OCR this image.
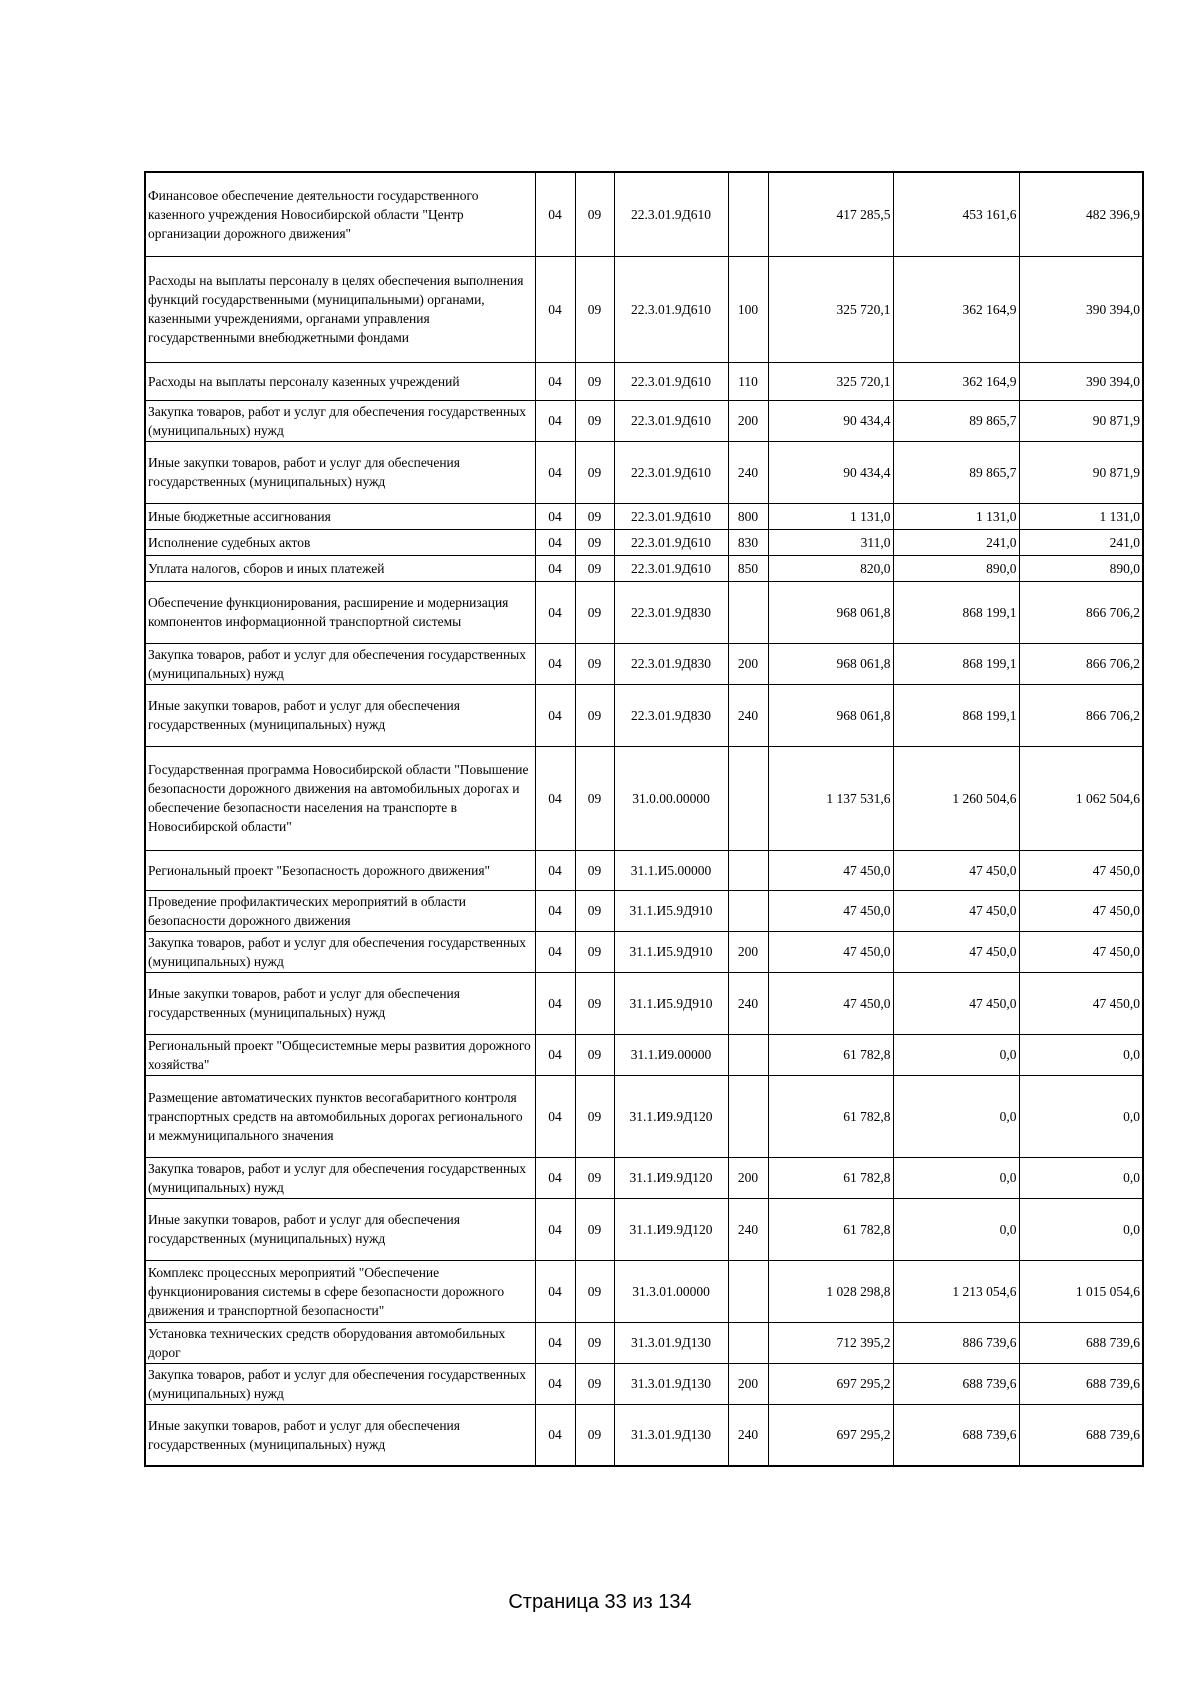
Финансовое обеспечение деятельности государственного казенного учреждения Новосибирской области "Центр организации дорожного движения"	04	09	22.3.01.9Д610		417 285,5	453 161,6	482 396,9
Расходы на выплаты персоналу в целях обеспечения выполнения функций государственными (муниципальными) органами, казенными учреждениями, органами управления государственными внебюджетными фондами	04	09	22.3.01.9Д610	100	325 720,1	362 164,9	390 394,0
Расходы на выплаты персоналу казенных учреждений	04	09	22.3.01.9Д610	110	325 720,1	362 164,9	390 394,0
Закупка товаров, работ и услуг для обеспечения государственных (муниципальных) нужд	04	09	22.3.01.9Д610	200	90 434,4	89 865,7	90 871,9
Иные закупки товаров, работ и услуг для обеспечения государственных (муниципальных) нужд	04	09	22.3.01.9Д610	240	90 434,4	89 865,7	90 871,9
Иные бюджетные ассигнования	04	09	22.3.01.9Д610	800	1 131,0	1 131,0	1 131,0
Исполнение судебных актов	04	09	22.3.01.9Д610	830	311,0	241,0	241,0
Уплата налогов, сборов и иных платежей	04	09	22.3.01.9Д610	850	820,0	890,0	890,0
Обеспечение функционирования, расширение и модернизация компонентов информационной транспортной системы	04	09	22.3.01.9Д830		968 061,8	868 199,1	866 706,2
Закупка товаров, работ и услуг для обеспечения государственных (муниципальных) нужд	04	09	22.3.01.9Д830	200	968 061,8	868 199,1	866 706,2
Иные закупки товаров, работ и услуг для обеспечения государственных (муниципальных) нужд	04	09	22.3.01.9Д830	240	968 061,8	868 199,1	866 706,2
Государственная программа Новосибирской области "Повышение безопасности дорожного движения на автомобильных дорогах и обеспечение безопасности населения на транспорте в Новосибирской области"	04	09	31.0.00.00000		1 137 531,6	1 260 504,6	1 062 504,6
Региональный проект "Безопасность дорожного движения"	04	09	31.1.И5.00000		47 450,0	47 450,0	47 450,0
Проведение профилактических мероприятий в области безопасности дорожного движения	04	09	31.1.И5.9Д910		47 450,0	47 450,0	47 450,0
Закупка товаров, работ и услуг для обеспечения государственных (муниципальных) нужд	04	09	31.1.И5.9Д910	200	47 450,0	47 450,0	47 450,0
Иные закупки товаров, работ и услуг для обеспечения государственных (муниципальных) нужд	04	09	31.1.И5.9Д910	240	47 450,0	47 450,0	47 450,0
Региональный проект "Общесистемные меры развития дорожного хозяйства"	04	09	31.1.И9.00000		61 782,8	0,0	0,0
Размещение автоматических пунктов весогабаритного контроля транспортных средств на автомобильных дорогах регионального и межмуниципального значения	04	09	31.1.И9.9Д120		61 782,8	0,0	0,0
Закупка товаров, работ и услуг для обеспечения государственных (муниципальных) нужд	04	09	31.1.И9.9Д120	200	61 782,8	0,0	0,0
Иные закупки товаров, работ и услуг для обеспечения государственных (муниципальных) нужд	04	09	31.1.И9.9Д120	240	61 782,8	0,0	0,0
Комплекс процессных мероприятий "Обеспечение функционирования системы в сфере безопасности дорожного движения и транспортной безопасности"	04	09	31.3.01.00000		1 028 298,8	1 213 054,6	1 015 054,6
Установка технических средств оборудования автомобильных дорог	04	09	31.3.01.9Д130		712 395,2	886 739,6	688 739,6
Закупка товаров, работ и услуг для обеспечения государственных (муниципальных) нужд	04	09	31.3.01.9Д130	200	697 295,2	688 739,6	688 739,6
Иные закупки товаров, работ и услуг для обеспечения государственных (муниципальных) нужд	04	09	31.3.01.9Д130	240	697 295,2	688 739,6	688 739,6
Страница 33 из 134
